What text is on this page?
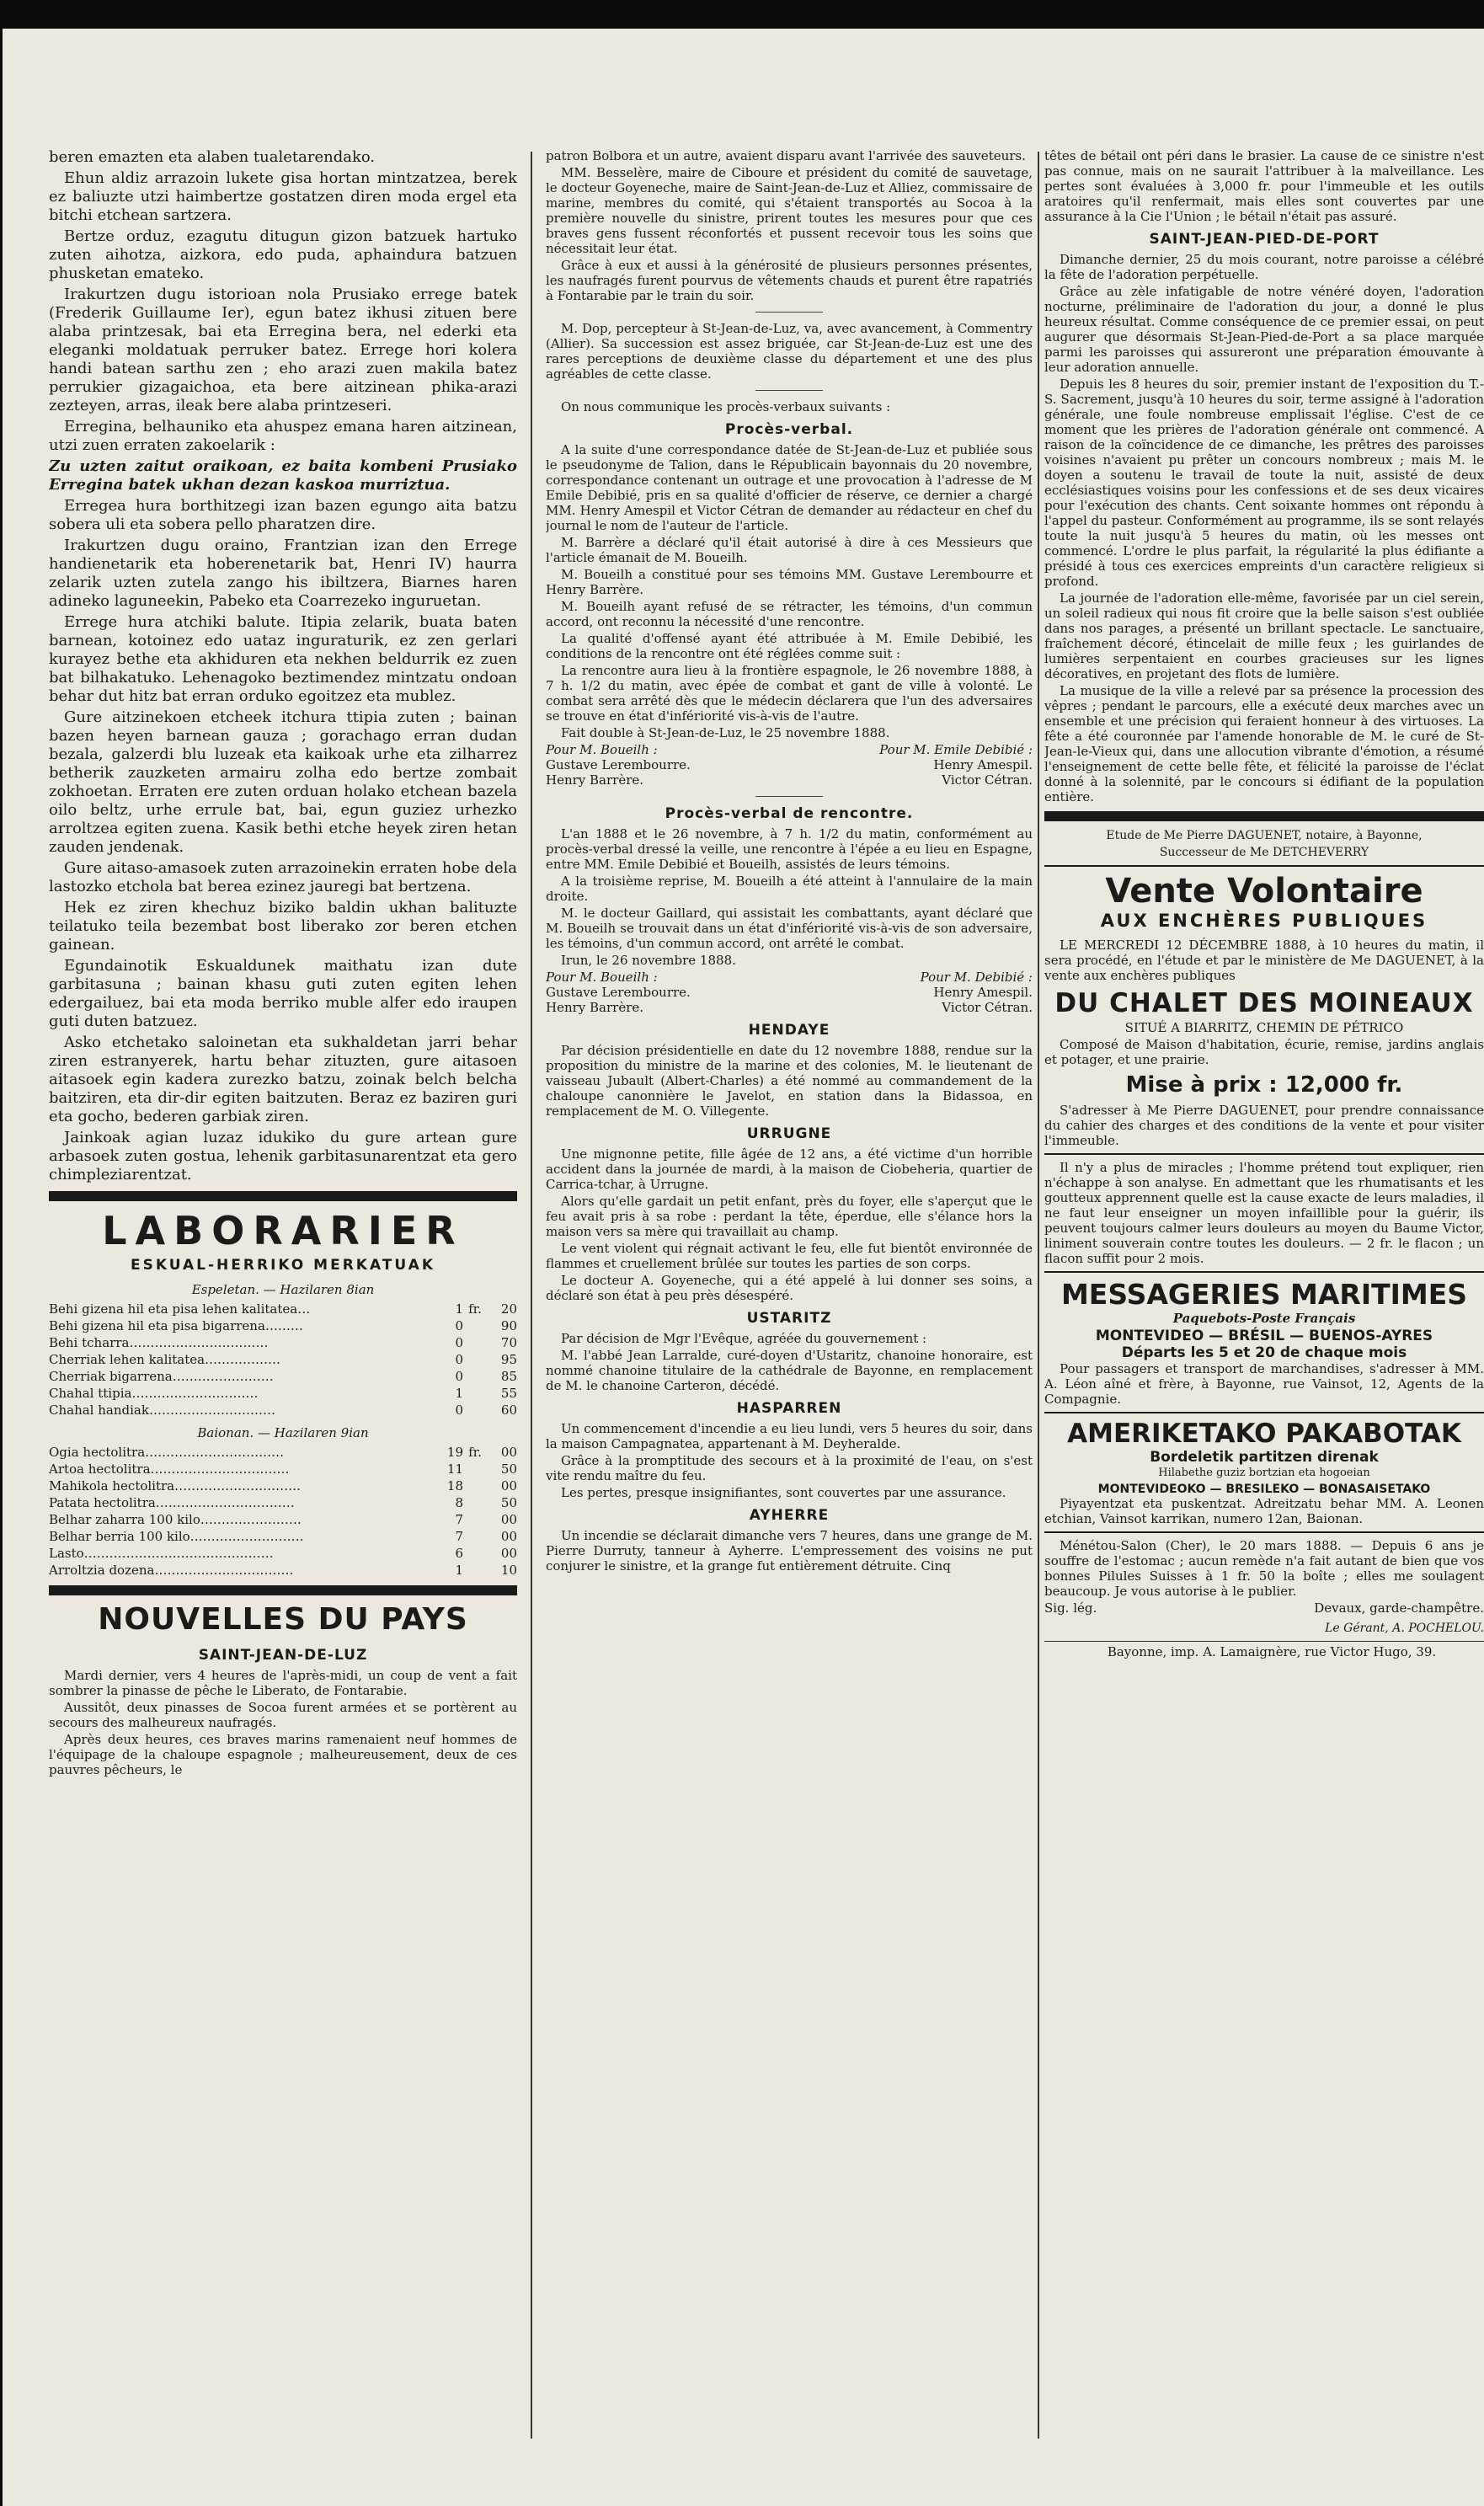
beren emazten eta alaben tualetarendako.

Ehun aldiz arrazoin lukete gisa hortan mintzatzea, berek ez baliuzte utzi haimbertze gostatzen diren moda ergel eta bitchi etchean sartzera.

Bertze orduz, ezagutu ditugun gizon batzuek hartuko zuten aihotza, aizkora, edo puda, aphaindura batzuen phusketan emateko.

Irakurtzen dugu istorioan nola Prusiako errege batek (Frederik Guillaume Ier), egun batez ikhusi zituen bere alaba printzesak, bai eta Erregina bera, nel ederki eta eleganki moldatuak perruker batez. Errege hori kolera handi batean sarthu zen ; eho arazi zuen makila batez perrukier gizagaichoa, eta bere aitzinean phika-arazi zezteyen, arras, ileak bere alaba printzeseri.

Erregina, belhauniko eta ahuspez emana haren aitzinean, utzi zuen erraten zakoelarik :

Zu uzten zaitut oraikoan, ez baita kombeni Prusiako Erregina batek ukhan dezan kaskoa murriztua.

Erregea hura borthitzegi izan bazen egungo aita batzu sobera uli eta sobera pello pharatzen dire.

Irakurtzen dugu oraino, Frantzian izan den Errege handienetarik eta hoberenetarik bat, Henri IV) haurra zelarik uzten zutela zango his ibiltzera, Biarnes haren adineko laguneekin, Pabeko eta Coarrezeko inguruetan.

Errege hura atchiki balute. Itipia zelarik, buata baten barnean, kotoinez edo uataz inguraturik, ez zen gerlari kurayez bethe eta akhiduren eta nekhen beldurrik ez zuen bat bilhakatuko. Lehenagoko beztimendez mintzatu ondoan behar dut hitz bat erran orduko egoitzez eta mublez.

Gure aitzinekoen etcheek itchura ttipia zuten ; bainan bazen heyen barnean gauza ; gorachago erran dudan bezala, galzerdi blu luzeak eta kaikoak urhe eta zilharrez betherik zauzketen armairu zolha edo bertze zombait zokhoetan. Erraten ere zuten orduan holako etchean bazela oilo beltz, urhe errule bat, bai, egun guziez urhezko arroltzea egiten zuena. Kasik bethi etche heyek ziren hetan zauden jendenak.

Gure aitaso-amasoek zuten arrazoinekin erraten hobe dela lastozko etchola bat berea ezinez jauregi bat bertzena.

Hek ez ziren khechuz biziko baldin ukhan balituzte teilatuko teila bezembat bost liberako zor beren etchen gainean.

Egundainotik Eskualdunek maithatu izan dute garbitasuna ; bainan khasu guti zuten egiten lehen edergailuez, bai eta moda berriko muble alfer edo iraupen guti duten batzuez.

Asko etchetako saloinetan eta sukhaldetan jarri behar ziren estranyerek, hartu behar zituzten, gure aitasoen aitasoek egin kadera zurezko batzu, zoinak belch belcha baitziren, eta dir-dir egiten baitzuten. Beraz ez baziren guri eta gocho, bederen garbiak ziren.

Jainkoak agian luzaz idukiko du gure artean gure arbasoek zuten gostua, lehenik garbitasunarentzat eta gero chimpleziarentzat.

LABORARIER
ESKUAL-HERRIKO MERKATUAK
Espeletan. — Hazilaren 8ian
Behi gizena hil eta pisa lehen kalitatea…	1	fr.	20
Behi gizena hil eta pisa bigarrena………	0		90
Behi tcharra……………………………	0		70
Cherriak lehen kalitatea………………	0		95
Cherriak bigarrena……………………	0		85
Chahal ttipia…………………………	1		55
Chahal handiak…………………………	0		60
Baionan. — Hazilaren 9ian
Ogia hectolitra……………………………	19	fr.	00
Artoa hectolitra……………………………	11		50
Mahikola hectolitra…………………………	18		00
Patata hectolitra……………………………	8		50
Belhar zaharra 100 kilo……………………	7		00
Belhar berria 100 kilo………………………	7		00
Lasto………………………………………	6		00
Arroltzia dozena……………………………	1		10
NOUVELLES DU PAYS
SAINT-JEAN-DE-LUZ

Mardi dernier, vers 4 heures de l'après-midi, un coup de vent a fait sombrer la pinasse de pêche le Liberato, de Fontarabie.

Aussitôt, deux pinasses de Socoa furent armées et se portèrent au secours des malheureux naufragés.

Après deux heures, ces braves marins ramenaient neuf hommes de l'équipage de la chaloupe espagnole ; malheureusement, deux de ces pauvres pêcheurs, le

patron Bolbora et un autre, avaient disparu avant l'arrivée des sauveteurs.

MM. Besselère, maire de Ciboure et président du comité de sauvetage, le docteur Goyeneche, maire de Saint-Jean-de-Luz et Alliez, commissaire de marine, membres du comité, qui s'étaient transportés au Socoa à la première nouvelle du sinistre, prirent toutes les mesures pour que ces braves gens fussent réconfortés et pussent recevoir tous les soins que nécessitait leur état.

Grâce à eux et aussi à la générosité de plusieurs personnes présentes, les naufragés furent pourvus de vêtements chauds et purent être rapatriés à Fontarabie par le train du soir.

M. Dop, percepteur à St-Jean-de-Luz, va, avec avancement, à Commentry (Allier). Sa succession est assez briguée, car St-Jean-de-Luz est une des rares perceptions de deuxième classe du département et une des plus agréables de cette classe.

On nous communique les procès-verbaux suivants :

Procès-verbal.

A la suite d'une correspondance datée de St-Jean-de-Luz et publiée sous le pseudonyme de Talion, dans le Républicain bayonnais du 20 novembre, correspondance contenant un outrage et une provocation à l'adresse de M Emile Debibié, pris en sa qualité d'officier de réserve, ce dernier a chargé MM. Henry Amespil et Victor Cétran de demander au rédacteur en chef du journal le nom de l'auteur de l'article.

M. Barrère a déclaré qu'il était autorisé à dire à ces Messieurs que l'article émanait de M. Boueilh.

M. Boueilh a constitué pour ses témoins MM. Gustave Lerembourre et Henry Barrère.

M. Boueilh ayant refusé de se rétracter, les témoins, d'un commun accord, ont reconnu la nécessité d'une rencontre.

La qualité d'offensé ayant été attribuée à M. Emile Debibié, les conditions de la rencontre ont été réglées comme suit :

La rencontre aura lieu à la frontière espagnole, le 26 novembre 1888, à 7 h. 1/2 du matin, avec épée de combat et gant de ville à volonté. Le combat sera arrêté dès que le médecin déclarera que l'un des adversaires se trouve en état d'infériorité vis-à-vis de l'autre.

Fait double à St-Jean-de-Luz, le 25 novembre 1888.

Pour M. Boueilh :
Gustave Lerembourre.
Henry Barrère.
Pour M. Emile Debibié :
Henry Amespil.
Victor Cétran.
Procès-verbal de rencontre.

L'an 1888 et le 26 novembre, à 7 h. 1/2 du matin, conformément au procès-verbal dressé la veille, une rencontre à l'épée a eu lieu en Espagne, entre MM. Emile Debibié et Boueilh, assistés de leurs témoins.

A la troisième reprise, M. Boueilh a été atteint à l'annulaire de la main droite.

M. le docteur Gaillard, qui assistait les combattants, ayant déclaré que M. Boueilh se trouvait dans un état d'infériorité vis-à-vis de son adversaire, les témoins, d'un commun accord, ont arrêté le combat.

Irun, le 26 novembre 1888.

Pour M. Boueilh :
Gustave Lerembourre.
Henry Barrère.
Pour M. Debibié :
Henry Amespil.
Victor Cétran.
HENDAYE

Par décision présidentielle en date du 12 novembre 1888, rendue sur la proposition du ministre de la marine et des colonies, M. le lieutenant de vaisseau Jubault (Albert-Charles) a été nommé au commandement de la chaloupe canonnière le Javelot, en station dans la Bidassoa, en remplacement de M. O. Villegente.

URRUGNE

Une mignonne petite, fille âgée de 12 ans, a été victime d'un horrible accident dans la journée de mardi, à la maison de Ciobeheria, quartier de Carrica-tchar, à Urrugne.

Alors qu'elle gardait un petit enfant, près du foyer, elle s'aperçut que le feu avait pris à sa robe : perdant la tête, éperdue, elle s'élance hors la maison vers sa mère qui travaillait au champ.

Le vent violent qui régnait activant le feu, elle fut bientôt environnée de flammes et cruellement brûlée sur toutes les parties de son corps.

Le docteur A. Goyeneche, qui a été appelé à lui donner ses soins, a déclaré son état à peu près désespéré.

USTARITZ

Par décision de Mgr l'Evêque, agréée du gouvernement :

M. l'abbé Jean Larralde, curé-doyen d'Ustaritz, chanoine honoraire, est nommé chanoine titulaire de la cathédrale de Bayonne, en remplacement de M. le chanoine Carteron, décédé.

HASPARREN

Un commencement d'incendie a eu lieu lundi, vers 5 heures du soir, dans la maison Campagnatea, appartenant à M. Deyheralde.

Grâce à la promptitude des secours et à la proximité de l'eau, on s'est vite rendu maître du feu.

Les pertes, presque insignifiantes, sont couvertes par une assurance.

AYHERRE

Un incendie se déclarait dimanche vers 7 heures, dans une grange de M. Pierre Durruty, tanneur à Ayherre. L'empressement des voisins ne put conjurer le sinistre, et la grange fut entièrement détruite. Cinq

têtes de bétail ont péri dans le brasier. La cause de ce sinistre n'est pas connue, mais on ne saurait l'attribuer à la malveillance. Les pertes sont évaluées à 3,000 fr. pour l'immeuble et les outils aratoires qu'il renfermait, mais elles sont couvertes par une assurance à la Cie l'Union ; le bétail n'était pas assuré.

SAINT-JEAN-PIED-DE-PORT

Dimanche dernier, 25 du mois courant, notre paroisse a célébré la fête de l'adoration perpétuelle.

Grâce au zèle infatigable de notre vénéré doyen, l'adoration nocturne, préliminaire de l'adoration du jour, a donné le plus heureux résultat. Comme conséquence de ce premier essai, on peut augurer que désormais St-Jean-Pied-de-Port a sa place marquée parmi les paroisses qui assureront une préparation émouvante à leur adoration annuelle.

Depuis les 8 heures du soir, premier instant de l'exposition du T.-S. Sacrement, jusqu'à 10 heures du soir, terme assigné à l'adoration générale, une foule nombreuse emplissait l'église. C'est de ce moment que les prières de l'adoration générale ont commencé. A raison de la coïncidence de ce dimanche, les prêtres des paroisses voisines n'avaient pu prêter un concours nombreux ; mais M. le doyen a soutenu le travail de toute la nuit, assisté de deux ecclésiastiques voisins pour les confessions et de ses deux vicaires pour l'exécution des chants. Cent soixante hommes ont répondu à l'appel du pasteur. Conformément au programme, ils se sont relayés toute la nuit jusqu'à 5 heures du matin, où les messes ont commencé. L'ordre le plus parfait, la régularité la plus édifiante a présidé à tous ces exercices empreints d'un caractère religieux si profond.

La journée de l'adoration elle-même, favorisée par un ciel serein, un soleil radieux qui nous fit croire que la belle saison s'est oubliée dans nos parages, a présenté un brillant spectacle. Le sanctuaire, fraîchement décoré, étincelait de mille feux ; les guirlandes de lumières serpentaient en courbes gracieuses sur les lignes décoratives, en projetant des flots de lumière.

La musique de la ville a relevé par sa présence la procession des vêpres ; pendant le parcours, elle a exécuté deux marches avec un ensemble et une précision qui feraient honneur à des virtuoses. La fête a été couronnée par l'amende honorable de M. le curé de St-Jean-le-Vieux qui, dans une allocution vibrante d'émotion, a résumé l'enseignement de cette belle fête, et félicité la paroisse de l'éclat donné à la solennité, par le concours si édifiant de la population entière.

Etude de Me Pierre DAGUENET, notaire, à Bayonne,

Successeur de Me DETCHEVERRY

Vente Volontaire
AUX ENCHÈRES PUBLIQUES

LE MERCREDI 12 DÉCEMBRE 1888, à 10 heures du matin, il sera procédé, en l'étude et par le ministère de Me DAGUENET, à la vente aux enchères publiques

DU CHALET DES MOINEAUX

SITUÉ A BIARRITZ, CHEMIN DE PÉTRICO

Composé de Maison d'habitation, écurie, remise, jardins anglais et potager, et une prairie.

Mise à prix : 12,000 fr.

S'adresser à Me Pierre DAGUENET, pour prendre connaissance du cahier des charges et des conditions de la vente et pour visiter l'immeuble.

Il n'y a plus de miracles ; l'homme prétend tout expliquer, rien n'échappe à son analyse. En admettant que les rhumatisants et les goutteux apprennent quelle est la cause exacte de leurs maladies, il ne faut leur enseigner un moyen infaillible pour la guérir, ils peuvent toujours calmer leurs douleurs au moyen du Baume Victor, liniment souverain contre toutes les douleurs. — 2 fr. le flacon ; un flacon suffit pour 2 mois.

MESSAGERIES MARITIMES

Paquebots-Poste Français

MONTEVIDEO — BRÉSIL — BUENOS-AYRES
Départs les 5 et 20 de chaque mois

Pour passagers et transport de marchandises, s'adresser à MM. A. Léon aîné et frère, à Bayonne, rue Vainsot, 12, Agents de la Compagnie.

AMERIKETAKO PAKABOTAK
Bordeletik partitzen direnak

Hilabethe guziz bortzian eta hogoeian

MONTEVIDEOKO — BRESILEKO — BONASAISETAKO

Piyayentzat eta puskentzat. Adreitzatu behar MM. A. Leonen etchian, Vainsot karrikan, numero 12an, Baionan.

Ménétou-Salon (Cher), le 20 mars 1888. — Depuis 6 ans je souffre de l'estomac ; aucun remède n'a fait autant de bien que vos bonnes Pilules Suisses à 1 fr. 50 la boîte ; elles me soulagent beaucoup. Je vous autorise à le publier.

Sig. lég.	Devaux, garde-champêtre.

Le Gérant, A. POCHELOU.

Bayonne, imp. A. Lamaignère, rue Victor Hugo, 39.
